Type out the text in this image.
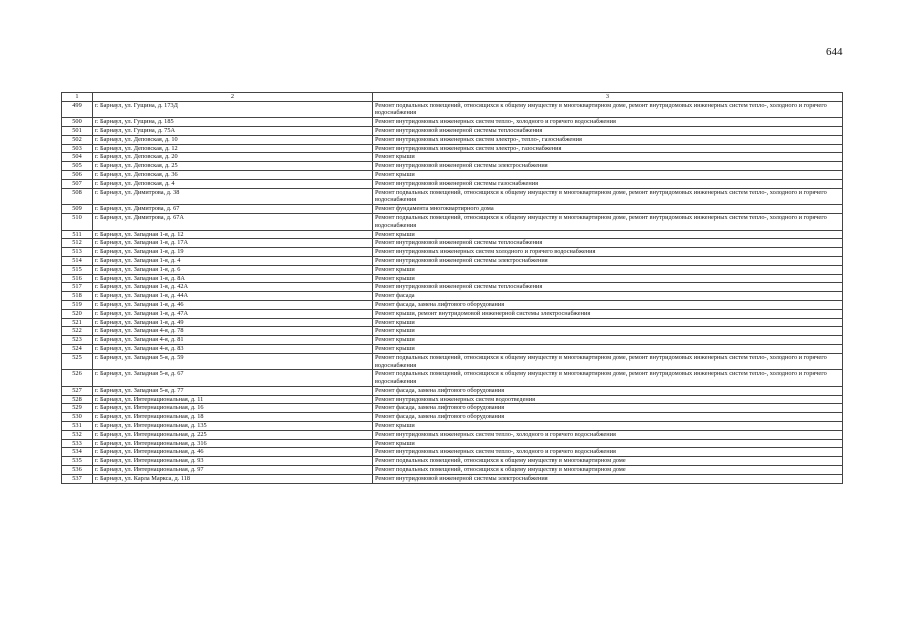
644
1	2	3
499	г. Барнаул, ул. Гущина, д. 173Д	Ремонт подвальных помещений, относящихся к общему имуществу в многоквартирном доме, ремонт внутридомовых инженерных систем тепло-, холодного и горячего водоснабжения
500	г. Барнаул, ул. Гущина, д. 185	Ремонт внутридомовых инженерных систем тепло-, холодного и горячего водоснабжения
501	г. Барнаул, ул. Гущина, д. 75А	Ремонт внутридомовой инженерной системы теплоснабжения
502	г. Барнаул, ул. Деповская, д. 10	Ремонт внутридомовых инженерных систем электро-, тепло-, газоснабжения
503	г. Барнаул, ул. Деповская, д. 12	Ремонт внутридомовых инженерных систем электро-, газоснабжения
504	г. Барнаул, ул. Деповская, д. 20	Ремонт крыши
505	г. Барнаул, ул. Деповская, д. 25	Ремонт внутридомовой инженерной системы электроснабжения
506	г. Барнаул, ул. Деповская, д. 36	Ремонт крыши
507	г. Барнаул, ул. Деповская, д. 4	Ремонт внутридомовой инженерной системы газоснабжения
508	г. Барнаул, ул. Димитрова, д. 38	Ремонт подвальных помещений, относящихся к общему имуществу в многоквартирном доме, ремонт внутридомовых инженерных систем тепло-, холодного и горячего водоснабжения
509	г. Барнаул, ул. Димитрова, д. 67	Ремонт фундамента многоквартирного дома
510	г. Барнаул, ул. Димитрова, д. 67А	Ремонт подвальных помещений, относящихся к общему имуществу в многоквартирном доме, ремонт внутридомовых инженерных систем тепло-, холодного и горячего водоснабжения
511	г. Барнаул, ул. Западная 1-я, д. 12	Ремонт крыши
512	г. Барнаул, ул. Западная 1-я, д. 17А	Ремонт внутридомовой инженерной системы теплоснабжения
513	г. Барнаул, ул. Западная 1-я, д. 19	Ремонт внутридомовых инженерных систем холодного и горячего водоснабжения
514	г. Барнаул, ул. Западная 1-я, д. 4	Ремонт внутридомовой инженерной системы электроснабжения
515	г. Барнаул, ул. Западная 1-я, д. 6	Ремонт крыши
516	г. Барнаул, ул. Западная 1-я, д. 8А	Ремонт крыши
517	г. Барнаул, ул. Западная 1-я, д. 42А	Ремонт внутридомовой инженерной системы теплоснабжения
518	г. Барнаул, ул. Западная 1-я, д. 44А	Ремонт фасада
519	г. Барнаул, ул. Западная 1-я, д. 46	Ремонт фасада, замена лифтового оборудования
520	г. Барнаул, ул. Западная 1-я, д. 47А	Ремонт крыши, ремонт внутридомовой инженерной системы электроснабжения
521	г. Барнаул, ул. Западная 1-я, д. 49	Ремонт крыши
522	г. Барнаул, ул. Западная 4-я, д. 78	Ремонт крыши
523	г. Барнаул, ул. Западная 4-я, д. 81	Ремонт крыши
524	г. Барнаул, ул. Западная 4-я, д. 83	Ремонт крыши
525	г. Барнаул, ул. Западная 5-я, д. 59	Ремонт подвальных помещений, относящихся к общему имуществу в многоквартирном доме, ремонт внутридомовых инженерных систем тепло-, холодного и горячего водоснабжения
526	г. Барнаул, ул. Западная 5-я, д. 67	Ремонт подвальных помещений, относящихся к общему имуществу в многоквартирном доме, ремонт внутридомовых инженерных систем тепло-, холодного и горячего водоснабжения
527	г. Барнаул, ул. Западная 5-я, д. 77	Ремонт фасада, замена лифтового оборудования
528	г. Барнаул, ул. Интернациональная, д. 11	Ремонт внутридомовых инженерных систем водоотведения
529	г. Барнаул, ул. Интернациональная, д. 16	Ремонт фасада, замена лифтового оборудования
530	г. Барнаул, ул. Интернациональная, д. 18	Ремонт фасада, замена лифтового оборудования
531	г. Барнаул, ул. Интернациональная, д. 135	Ремонт крыши
532	г. Барнаул, ул. Интернациональная, д. 225	Ремонт внутридомовых инженерных систем тепло-, холодного и горячего водоснабжения
533	г. Барнаул, ул. Интернациональная, д. 316	Ремонт крыши
534	г. Барнаул, ул. Интернациональная, д. 46	Ремонт внутридомовых инженерных систем тепло-, холодного и горячего водоснабжения
535	г. Барнаул, ул. Интернациональная, д. 93	Ремонт подвальных помещений, относящихся к общему имуществу в многоквартирном доме
536	г. Барнаул, ул. Интернациональная, д. 97	Ремонт подвальных помещений, относящихся к общему имуществу в многоквартирном доме
537	г. Барнаул, ул. Карла Маркса, д. 118	Ремонт внутридомовой инженерной системы электроснабжения
